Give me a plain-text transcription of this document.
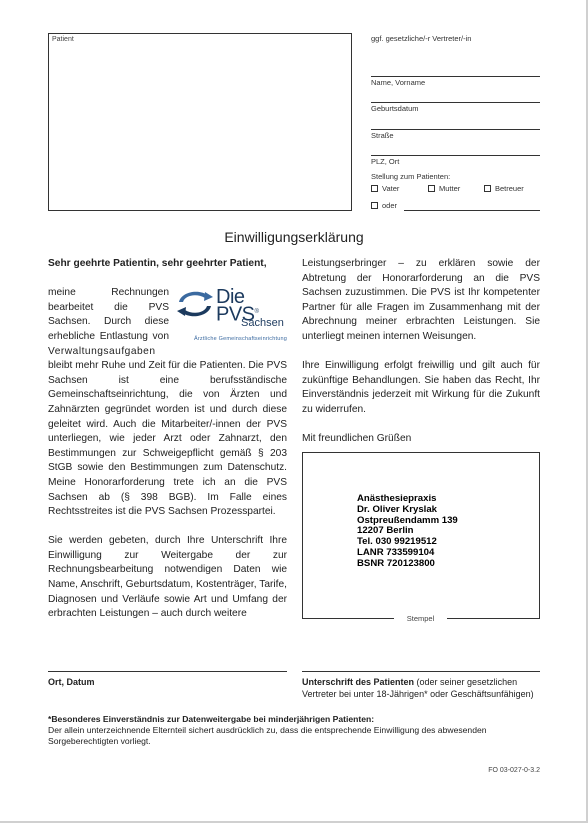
Patient	ggf. gesetzliche/-r Vertreter/-in
Name, Vorname
Geburtsdatum
Straße
PLZ, Ort
Stellung zum Patienten:
Vater	Mutter	Betreuer
oder
Einwilligungserklärung

Sehr geehrte Patientin, sehr geehrter Patient,

Die PVS®
Sachsen
Ärztliche Gemeinschaftseinrichtung
meine Rechnungen bearbeitet die PVS Sachsen. Durch diese erhebliche Entlastung von Verwaltungsaufgaben bleibt mehr Ruhe und Zeit für die Patienten. Die PVS Sachsen ist eine berufsständische Gemeinschaftseinrichtung, die von Ärzten und Zahnärzten gegründet worden ist und durch diese geleitet wird. Auch die Mitarbeiter/-innen der PVS unterliegen, wie jeder Arzt oder Zahnarzt, den Bestimmungen zur Schweigepflicht gemäß § 203 StGB sowie den Bestimmungen zum Datenschutz. Meine Honorarforderung trete ich an die PVS Sachsen ab (§ 398 BGB). Im Falle eines Rechtsstreites ist die PVS Sachsen Prozesspartei.

Sie werden gebeten, durch Ihre Unterschrift Ihre Einwilligung zur Weitergabe der zur Rechnungsbearbeitung notwendigen Daten wie Name, Anschrift, Geburtsdatum, Kostenträger, Tarife, Diagnosen und Verläufe sowie Art und Umfang der erbrachten Leistungen – auch durch weitere

Leistungserbringer – zu erklären sowie der Abtretung der Honorarforderung an die PVS Sachsen zuzustimmen. Die PVS ist Ihr kompetenter Partner für alle Fragen im Zusammenhang mit der Abrechnung meiner erbrachten Leistungen. Sie unterliegt meinen internen Weisungen.

Ihre Einwilligung erfolgt freiwillig und gilt auch für zukünftige Behandlungen. Sie haben das Recht, Ihr Einverständnis jederzeit mit Wirkung für die Zukunft zu widerrufen.

Mit freundlichen Grüßen

Stempel
Anästhesiepraxis
Dr. Oliver Kryslak
Ostpreußendamm 139
12207 Berlin
Tel. 030 99219512
LANR 733599104
BSNR 720123800
Ort, Datum	Unterschrift des Patienten (oder seiner gesetzlichen Vertreter bei unter 18-Jährigen* oder Geschäftsunfähigen)
*Besonderes Einverständnis zur Datenweitergabe bei minderjährigen Patienten:
Der allein unterzeichnende Elternteil sichert ausdrücklich zu, dass die entsprechende Einwilligung des abwesenden Sorgeberechtigten vorliegt.
FO 03-027-0-3.2
